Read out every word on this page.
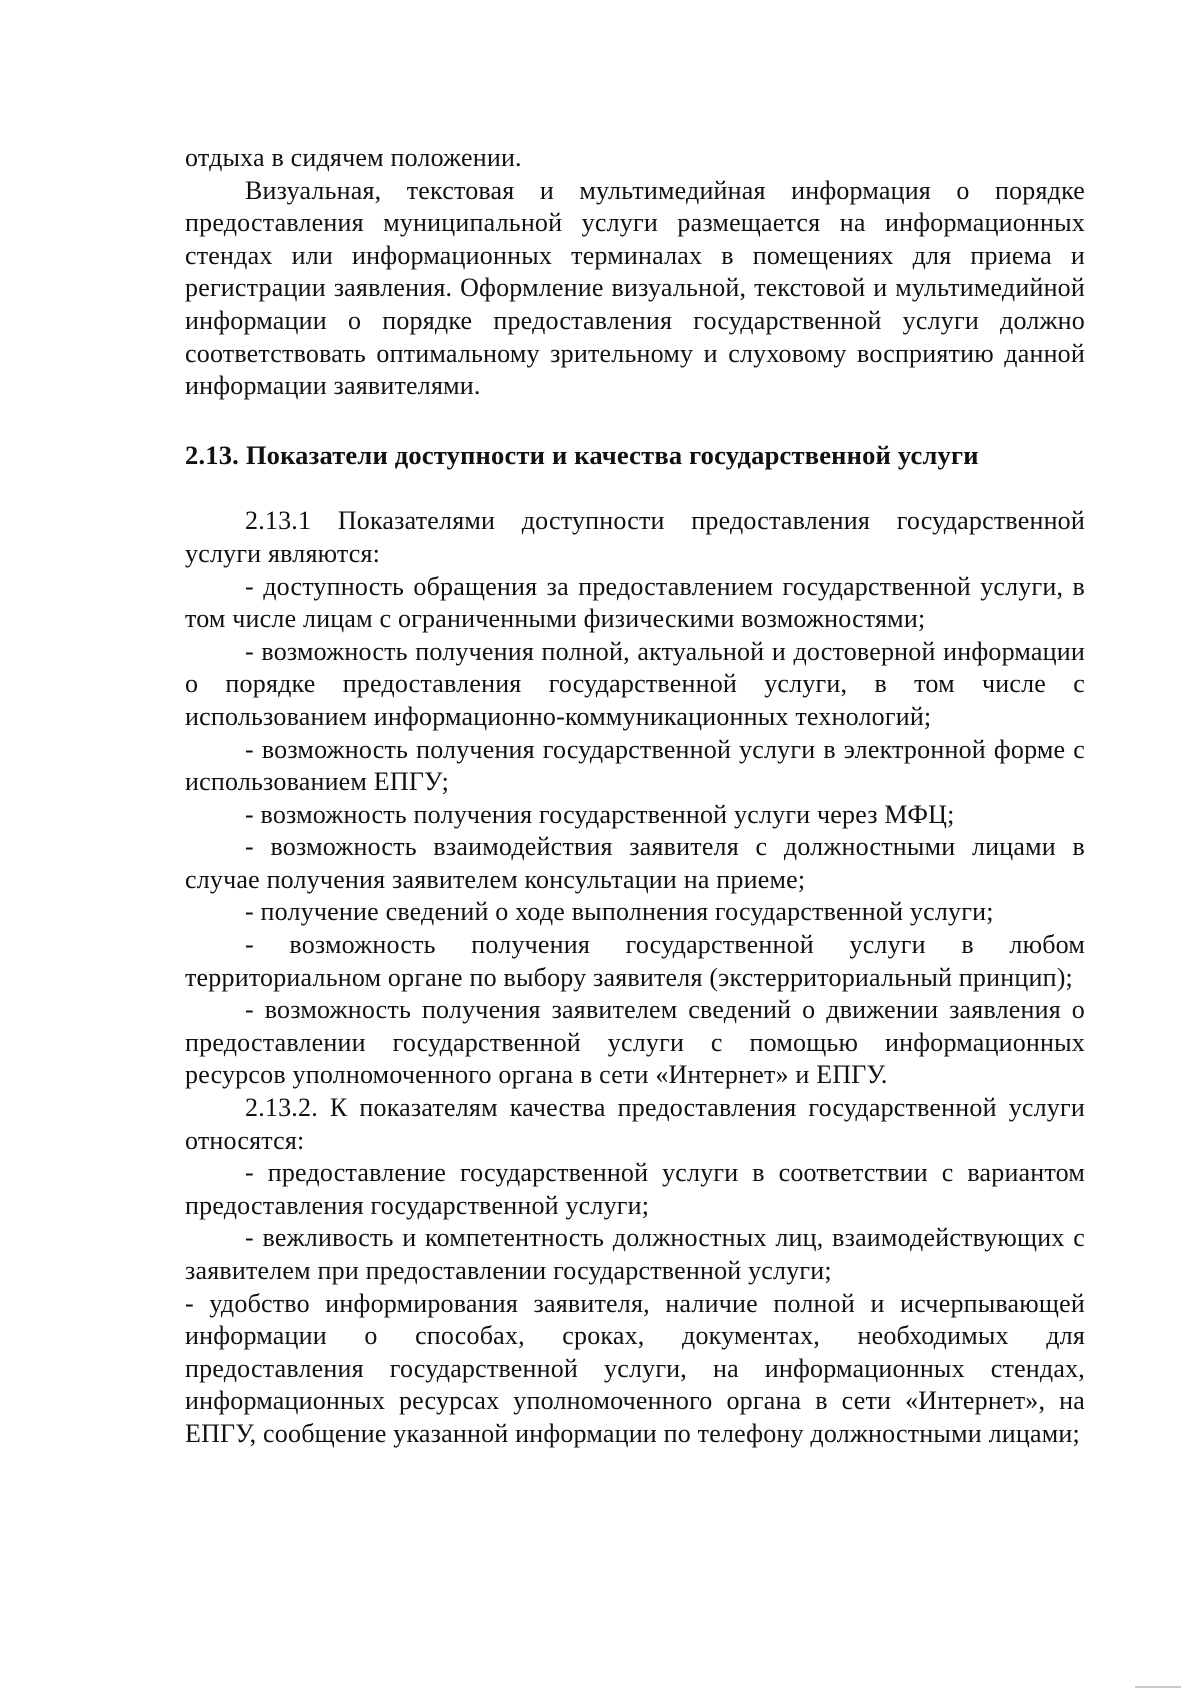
отдыха в сидячем положении.

Визуальная, текстовая и мультимедийная информация о порядке предоставления муниципальной услуги размещается на информационных стендах или информационных терминалах в помещениях для приема и регистрации заявления. Оформление визуальной, текстовой и мультимедийной информации о порядке предоставления государственной услуги должно соответствовать оптимальному зрительному и слуховому восприятию данной информации заявителями.

2.13. Показатели доступности и качества государственной услуги

2.13.1 Показателями доступности предоставления государственной услуги являются:

- доступность обращения за предоставлением государственной услуги, в том числе лицам с ограниченными физическими возможностями;

- возможность получения полной, актуальной и достоверной информации о порядке предоставления государственной услуги, в том числе с использованием информационно-коммуникационных технологий;

- возможность получения государственной услуги в электронной форме с использованием ЕПГУ;

- возможность получения государственной услуги через МФЦ;

- возможность взаимодействия заявителя с должностными лицами в случае получения заявителем консультации на приеме;

- получение сведений о ходе выполнения государственной услуги;

- возможность получения государственной услуги в любом территориальном органе по выбору заявителя (экстерриториальный принцип);

- возможность получения заявителем сведений о движении заявления о предоставлении государственной услуги с помощью информационных ресурсов уполномоченного органа в сети «Интернет» и ЕПГУ.

2.13.2. К показателям качества предоставления государственной услуги относятся:

- предоставление государственной услуги в соответствии с вариантом предоставления государственной услуги;

- вежливость и компетентность должностных лиц, взаимодействующих с заявителем при предоставлении государственной услуги;

- удобство информирования заявителя, наличие полной и исчерпывающей информации о способах, сроках, документах, необходимых для предоставления государственной услуги, на информационных стендах, информационных ресурсах уполномоченного органа в сети «Интернет», на ЕПГУ, сообщение указанной информации по телефону должностными лицами;
